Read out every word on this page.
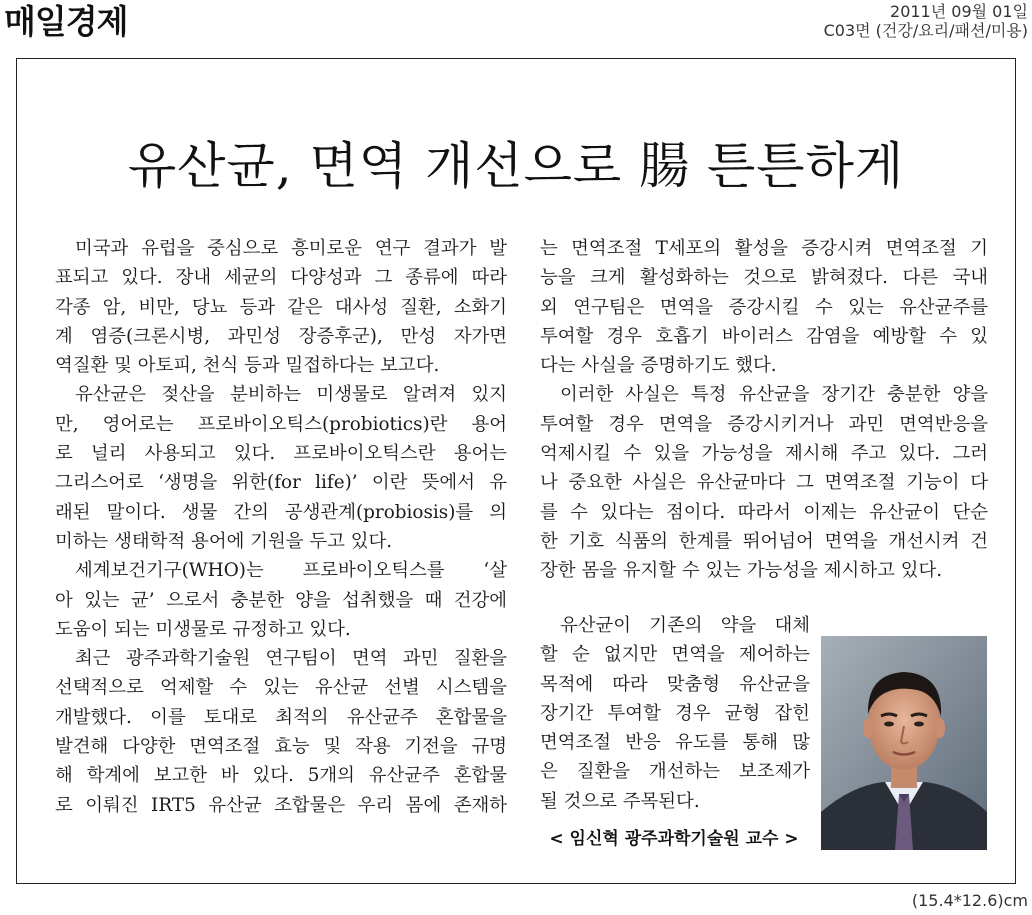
매일경제	2011년 09월 01일
C03면 (건강/요리/패션/미용)
유산균, 면역 개선으로 腸 튼튼하게

미국과 유럽을 중심으로 흥미로운 연구 결과가 발

표되고 있다. 장내 세균의 다양성과 그 종류에 따라

각종 암, 비만, 당뇨 등과 같은 대사성 질환, 소화기

계 염증(크론시병, 과민성 장증후군), 만성 자가면

역질환 및 아토피, 천식 등과 밀접하다는 보고다.

유산균은 젖산을 분비하는 미생물로 알려져 있지

만, 영어로는 프로바이오틱스(probiotics)란 용어

로 널리 사용되고 있다. 프로바이오틱스란 용어는

그리스어로 ‘생명을 위한(for life)’ 이란 뜻에서 유

래된 말이다. 생물 간의 공생관계(probiosis)를 의

미하는 생태학적 용어에 기원을 두고 있다.

세계보건기구(WHO)는 프로바이오틱스를 ‘살

아 있는 균’ 으로서 충분한 양을 섭취했을 때 건강에

도움이 되는 미생물로 규정하고 있다.

최근 광주과학기술원 연구팀이 면역 과민 질환을

선택적으로 억제할 수 있는 유산균 선별 시스템을

개발했다. 이를 토대로 최적의 유산균주 혼합물을

발견해 다양한 면역조절 효능 및 작용 기전을 규명

해 학계에 보고한 바 있다. 5개의 유산균주 혼합물

로 이뤄진 IRT5 유산균 조합물은 우리 몸에 존재하

는 면역조절 T세포의 활성을 증강시켜 면역조절 기

능을 크게 활성화하는 것으로 밝혀졌다. 다른 국내

외 연구팀은 면역을 증강시킬 수 있는 유산균주를

투여할 경우 호흡기 바이러스 감염을 예방할 수 있

다는 사실을 증명하기도 했다.

이러한 사실은 특정 유산균을 장기간 충분한 양을

투여할 경우 면역을 증강시키거나 과민 면역반응을

억제시킬 수 있을 가능성을 제시해 주고 있다. 그러

나 중요한 사실은 유산균마다 그 면역조절 기능이 다

를 수 있다는 점이다. 따라서 이제는 유산균이 단순

한 기호 식품의 한계를 뛰어넘어 면역을 개선시켜 건

장한 몸을 유지할 수 있는 가능성을 제시하고 있다.

유산균이 기존의 약을 대체

할 순 없지만 면역을 제어하는

목적에 따라 맞춤형 유산균을

장기간 투여할 경우 균형 잡힌

면역조절 반응 유도를 통해 많

은 질환을 개선하는 보조제가

될 것으로 주목된다.

< 임신혁 광주과학기술원 교수 >
(15.4*12.6)cm
